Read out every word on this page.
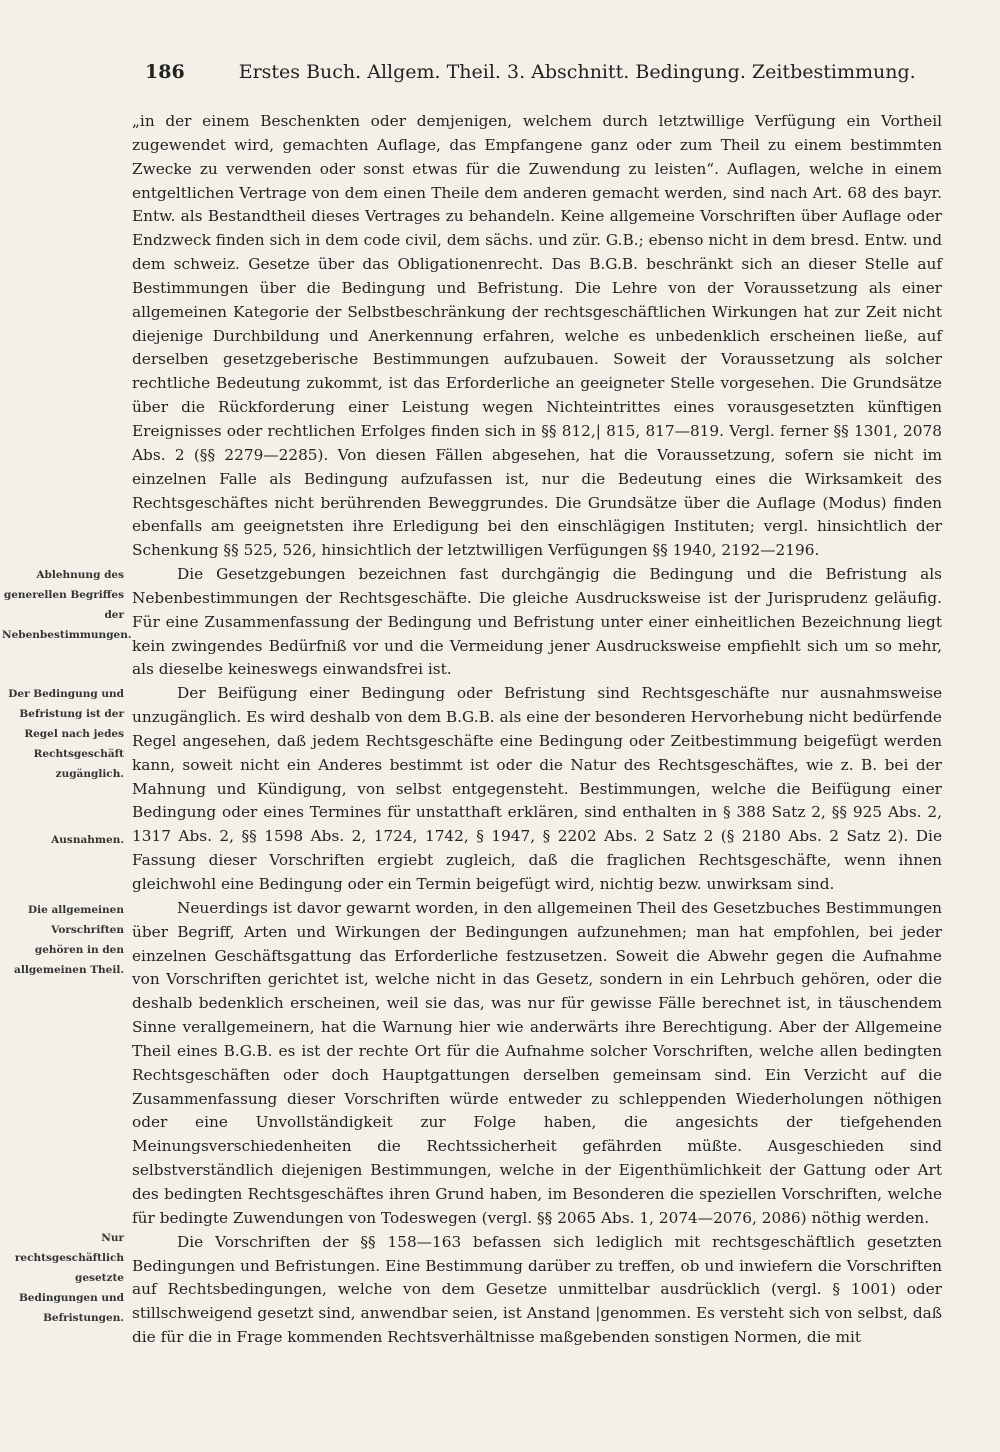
186	Erstes Buch. Allgem. Theil. 3. Abschnitt. Bedingung. Zeitbestimmung.

„in der einem Beschenkten oder demjenigen, welchem durch letztwillige Verfügung ein Vortheil zugewendet wird, gemachten Auflage, das Empfangene ganz oder zum Theil zu einem bestimmten Zwecke zu verwenden oder sonst etwas für die Zuwendung zu leisten“. Auflagen, welche in einem entgeltlichen Vertrage von dem einen Theile dem anderen gemacht werden, sind nach Art. 68 des bayr. Entw. als Bestandtheil dieses Vertrages zu behandeln. Keine allgemeine Vorschriften über Auflage oder Endzweck finden sich in dem code civil, dem sächs. und zür. G.B.; ebenso nicht in dem bresd. Entw. und dem schweiz. Gesetze über das Obligationenrecht. Das B.G.B. beschränkt sich an dieser Stelle auf Bestimmungen über die Bedingung und Befristung. Die Lehre von der Voraussetzung als einer allgemeinen Kategorie der Selbstbeschränkung der rechtsgeschäftlichen Wirkungen hat zur Zeit nicht diejenige Durchbildung und Anerkennung erfahren, welche es unbedenklich erscheinen ließe, auf derselben gesetzgeberische Bestimmungen aufzubauen. Soweit der Voraussetzung als solcher rechtliche Bedeutung zukommt, ist das Erforderliche an geeigneter Stelle vorgesehen. Die Grundsätze über die Rückforderung einer Leistung wegen Nichteintrittes eines vorausgesetzten künftigen Ereignisses oder rechtlichen Erfolges finden sich in §§ 812,| 815, 817—819. Vergl. ferner §§ 1301, 2078 Abs. 2 (§§ 2279—2285). Von diesen Fällen abgesehen, hat die Voraussetzung, sofern sie nicht im einzelnen Falle als Bedingung aufzufassen ist, nur die Bedeutung eines die Wirksamkeit des Rechtsgeschäftes nicht berührenden Beweggrundes. Die Grundsätze über die Auflage (Modus) finden ebenfalls am geeignetsten ihre Erledigung bei den einschlägigen Instituten; vergl. hinsichtlich der Schenkung §§ 525, 526, hinsichtlich der letztwilligen Verfügungen §§ 1940, 2192—2196.

Die Gesetzgebungen bezeichnen fast durchgängig die Bedingung und die Befristung als Nebenbestimmungen der Rechtsgeschäfte. Die gleiche Ausdrucksweise ist der Jurisprudenz geläufig. Für eine Zusammenfassung der Bedingung und Befristung unter einer einheitlichen Bezeichnung liegt kein zwingendes Bedürfniß vor und die Vermeidung jener Ausdrucksweise empfiehlt sich um so mehr, als dieselbe keineswegs einwandsfrei ist.

Der Beifügung einer Bedingung oder Befristung sind Rechtsgeschäfte nur ausnahmsweise unzugänglich. Es wird deshalb von dem B.G.B. als eine der besonderen Hervorhebung nicht bedürfende Regel angesehen, daß jedem Rechtsgeschäfte eine Bedingung oder Zeitbestimmung beigefügt werden kann, soweit nicht ein Anderes bestimmt ist oder die Natur des Rechtsgeschäftes, wie z. B. bei der Mahnung und Kündigung, von selbst entgegensteht. Bestimmungen, welche die Beifügung einer Bedingung oder eines Termines für unstatthaft erklären, sind enthalten in § 388 Satz 2, §§ 925 Abs. 2, 1317 Abs. 2, §§ 1598 Abs. 2, 1724, 1742, § 1947, § 2202 Abs. 2 Satz 2 (§ 2180 Abs. 2 Satz 2). Die Fassung dieser Vorschriften ergiebt zugleich, daß die fraglichen Rechtsgeschäfte, wenn ihnen gleichwohl eine Bedingung oder ein Termin beigefügt wird, nichtig bezw. unwirksam sind.

Neuerdings ist davor gewarnt worden, in den allgemeinen Theil des Gesetzbuches Bestimmungen über Begriff, Arten und Wirkungen der Bedingungen aufzunehmen; man hat empfohlen, bei jeder einzelnen Geschäftsgattung das Erforderliche festzusetzen. Soweit die Abwehr gegen die Aufnahme von Vorschriften gerichtet ist, welche nicht in das Gesetz, sondern in ein Lehrbuch gehören, oder die deshalb bedenklich erscheinen, weil sie das, was nur für gewisse Fälle berechnet ist, in täuschendem Sinne verallgemeinern, hat die Warnung hier wie anderwärts ihre Berechtigung. Aber der Allgemeine Theil eines B.G.B. es ist der rechte Ort für die Aufnahme solcher Vorschriften, welche allen bedingten Rechtsgeschäften oder doch Hauptgattungen derselben gemeinsam sind. Ein Verzicht auf die Zusammenfassung dieser Vorschriften würde entweder zu schleppenden Wiederholungen nöthigen oder eine Unvollständigkeit zur Folge haben, die angesichts der tiefgehenden Meinungsverschiedenheiten die Rechtssicherheit gefährden müßte. Ausgeschieden sind selbstverständlich diejenigen Bestimmungen, welche in der Eigenthümlichkeit der Gattung oder Art des bedingten Rechtsgeschäftes ihren Grund haben, im Besonderen die speziellen Vorschriften, welche für bedingte Zuwendungen von Todeswegen (vergl. §§ 2065 Abs. 1, 2074—2076, 2086) nöthig werden.

Die Vorschriften der §§ 158—163 befassen sich lediglich mit rechtsgeschäftlich gesetzten Bedingungen und Befristungen. Eine Bestimmung darüber zu treffen, ob und inwiefern die Vorschriften auf Rechtsbedingungen, welche von dem Gesetze unmittelbar ausdrücklich (vergl. § 1001) oder stillschweigend gesetzt sind, anwendbar seien, ist Anstand |genommen. Es versteht sich von selbst, daß die für die in Frage kommenden Rechtsverhältnisse maßgebenden sonstigen Normen, die mit

Ablehnung des generellen Begriffes der Nebenbestimmungen.
Der Bedingung und Befristung ist der Regel nach jedes Rechtsgeschäft zugänglich.
Ausnahmen.
Die allgemeinen Vorschriften gehören in den allgemeinen Theil.
Nur rechtsgeschäftlich gesetzte Bedingungen und Befristungen.
